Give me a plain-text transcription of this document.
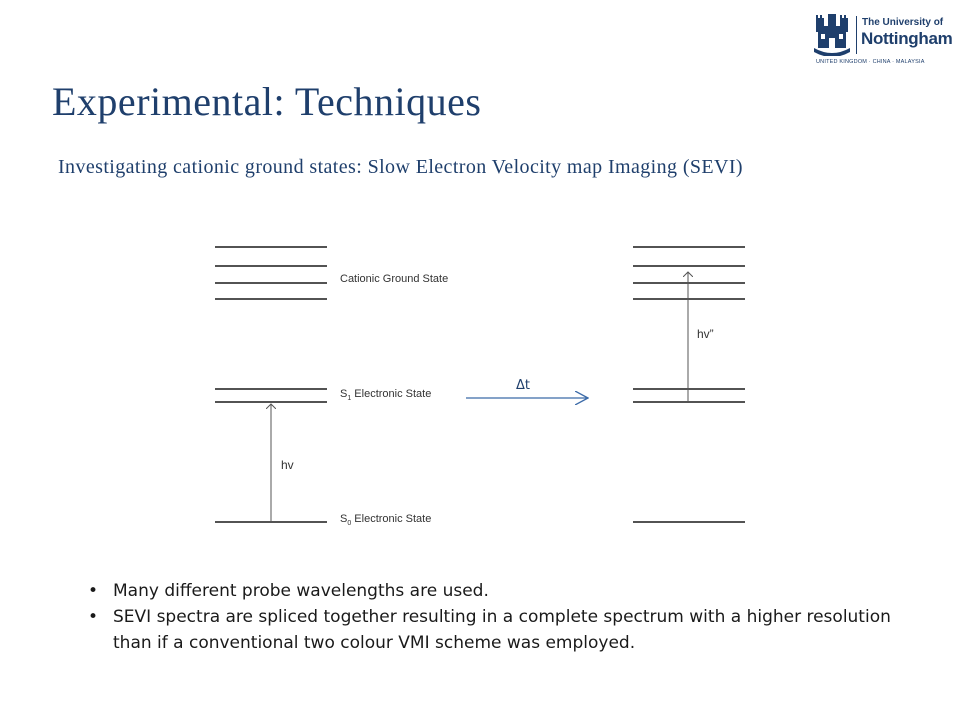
The University of
Nottingham
UNITED KINGDOM · CHINA · MALAYSIA
Experimental: Techniques
Investigating cationic ground states: Slow Electron Velocity map Imaging (SEVI)
hv
Cationic Ground State
$S_1$ Electronic State
$S_0$ Electronic State
Δt
hv”
• Many different probe wavelengths are used.
• SEVI spectra are spliced together resulting in a complete spectrum with a higher resolution than if a conventional two colour VMI scheme was employed.
